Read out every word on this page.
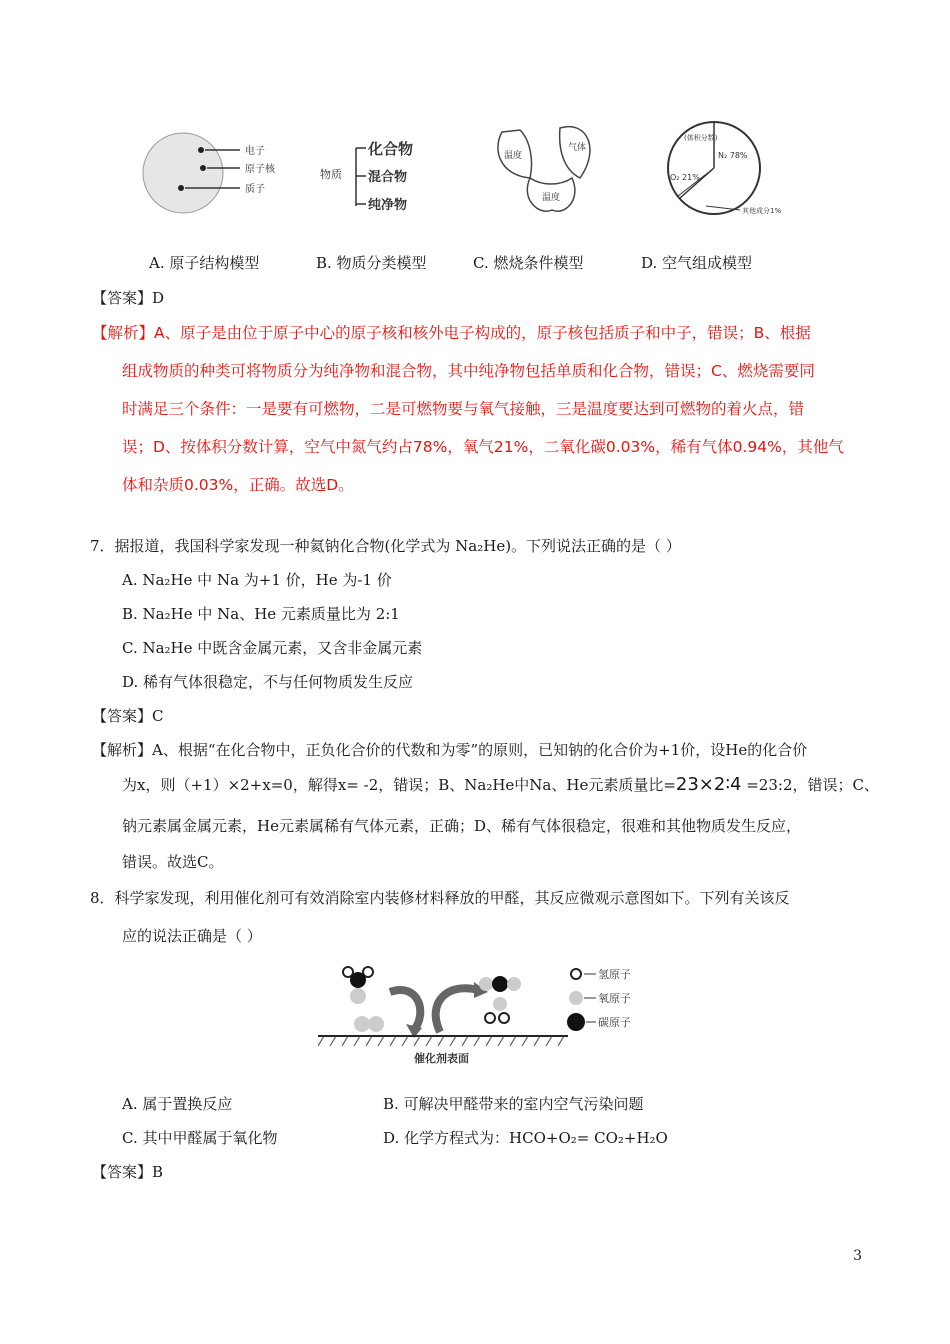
电子
原子核
质子
物质
化合物
混合物
纯净物
温度
气体
温度
(体积分数)
N₂ 78%
O₂ 21%
其他成分1%
A. 原子结构模型	B. 物质分类模型	C. 燃烧条件模型	D. 空气组成模型
【答案】D
【解析】A、原子是由位于原子中心的原子核和核外电子构成的，原子核包括质子和中子，错误；B、根据
组成物质的种类可将物质分为纯净物和混合物，其中纯净物包括单质和化合物，错误；C、燃烧需要同
时满足三个条件：一是要有可燃物，二是可燃物要与氧气接触，三是温度要达到可燃物的着火点，错
误；D、按体积分数计算，空气中氮气约占78%，氧气21%，二氧化碳0.03%，稀有气体0.94%，其他气
体和杂质0.03%，正确。故选D。
7．据报道，我国科学家发现一种氦钠化合物(化学式为 Na₂He)。下列说法正确的是（ ）
A. Na₂He 中 Na 为+1 价，He 为-1 价
B. Na₂He 中 Na、He 元素质量比为 2:1
C. Na₂He 中既含金属元素，又含非金属元素
D. 稀有气体很稳定，不与任何物质发生反应
【答案】C
【解析】A、根据“在化合物中，正负化合价的代数和为零”的原则，已知钠的化合价为+1价，设He的化合价
为x，则（+1）×2+x=0，解得x= -2，错误；B、Na₂He中Na、He元素质量比=23×2∶4 =23:2，错误；C、
钠元素属金属元素，He元素属稀有气体元素，正确；D、稀有气体很稳定，很难和其他物质发生反应，
错误。故选C。
8．科学家发现，利用催化剂可有效消除室内装修材料释放的甲醛，其反应微观示意图如下。下列有关该反
应的说法正确是（ ）
氢原子
氧原子
碳原子
催化剂表面
A. 属于置换反应	B. 可解决甲醛带来的室内空气污染问题
C. 其中甲醛属于氧化物	D. 化学方程式为：HCO+O₂= CO₂+H₂O
【答案】B
3
